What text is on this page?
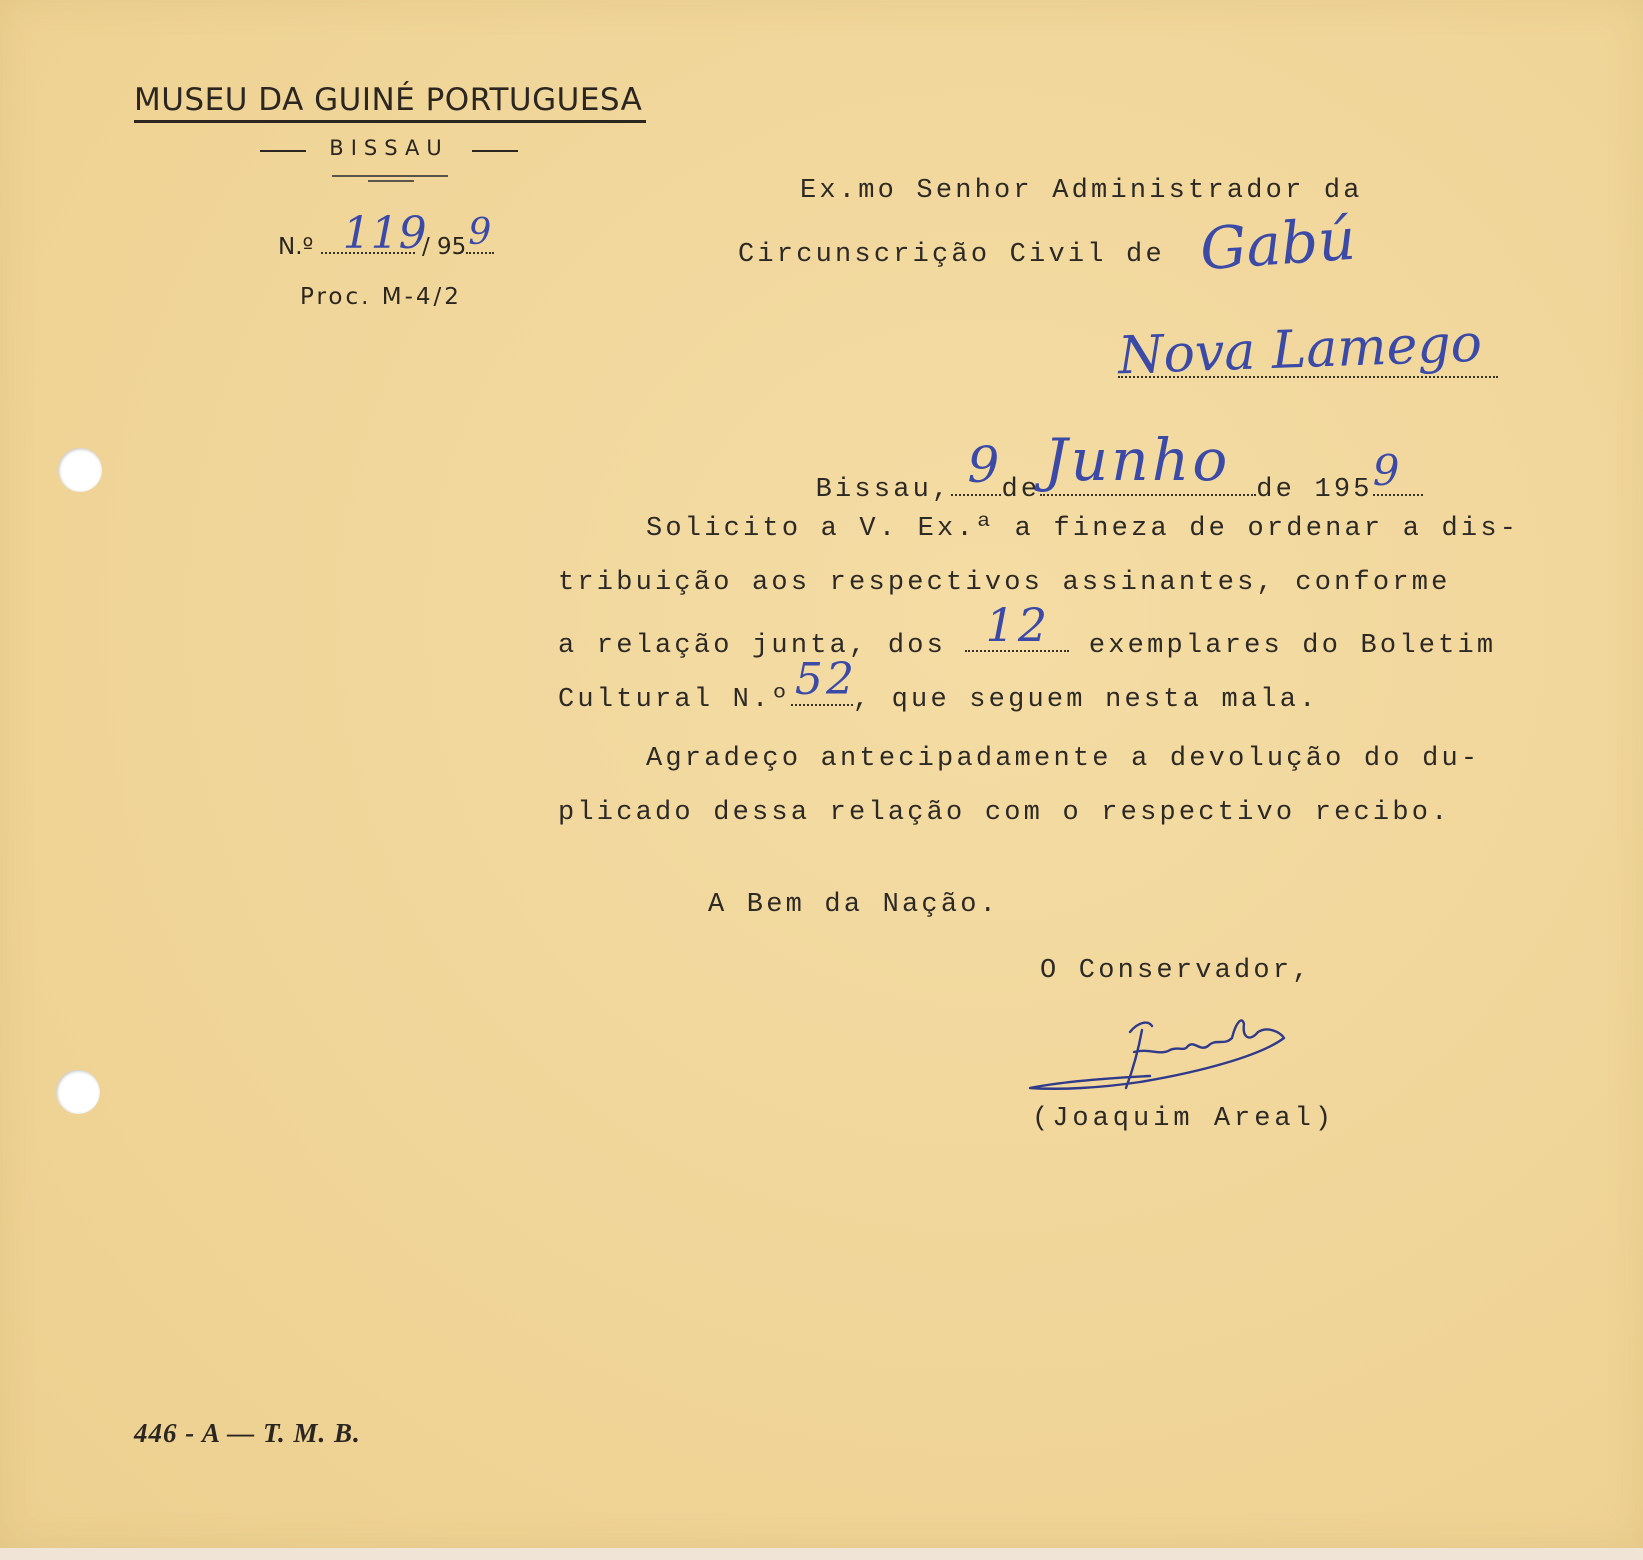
MUSEU DA GUINÉ PORTUGUESA
BISSAU
N.º 119
/ 95 9
Proc. M-4/2
Ex.mo Senhor Administrador da
Circunscrição Civil de Gabú
Nova Lamego

Bissau, 9
de Junho de 195 9

Solicito a V. Ex.ª a fineza de ordenar a dis-
tribuição aos respectivos assinantes, conforme
a relação junta, dos 12 exemplares do Boletim
Cultural N.º 52
, que seguem nesta mala.
Agradeço antecipadamente a devolução do du-
plicado dessa relação com o respectivo recibo.
A Bem da Nação.
O Conservador,
(Joaquim Areal)
446 - A — T. M. B.
